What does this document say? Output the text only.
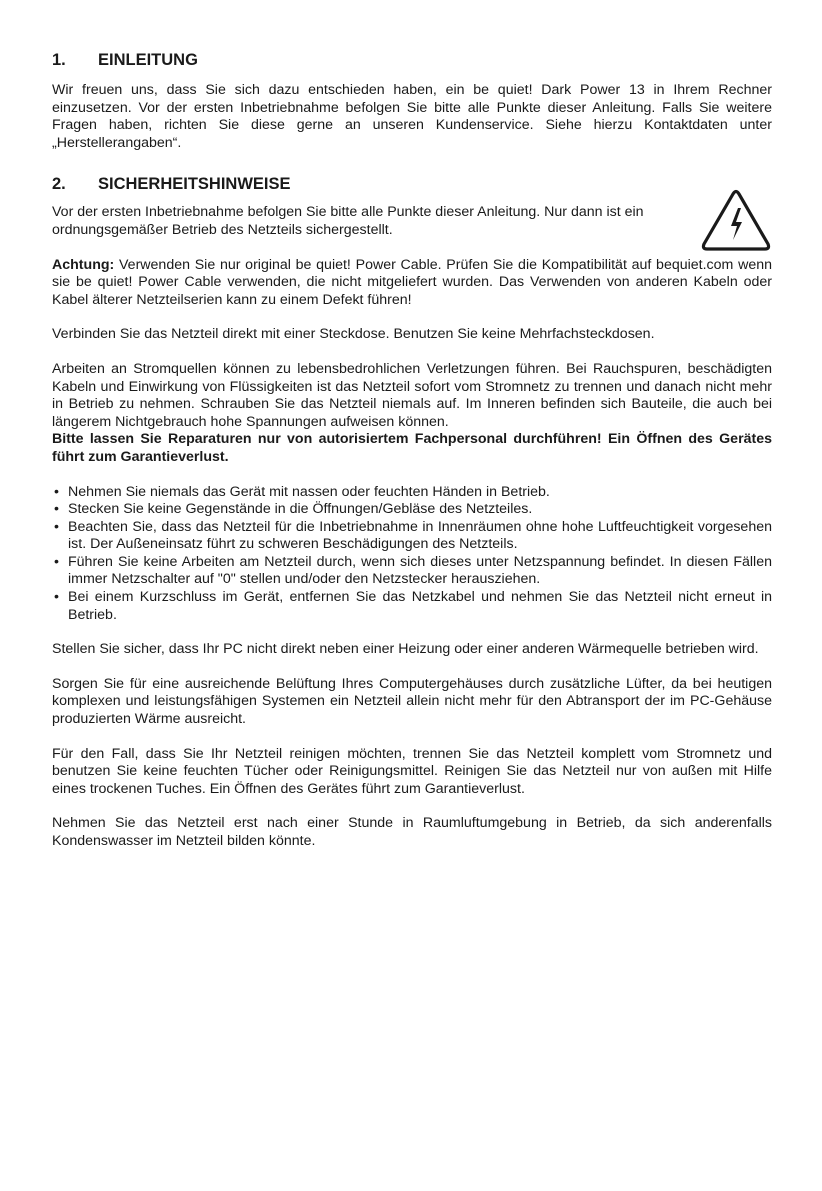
1.	EINLEITUNG

Wir freuen uns, dass Sie sich dazu entschieden haben, ein be quiet! Dark Power 13 in Ihrem Rechner einzusetzen. Vor der ersten Inbetriebnahme befolgen Sie bitte alle Punkte dieser Anleitung. Falls Sie weitere Fragen haben, richten Sie diese gerne an unseren Kundenservice. Siehe hierzu Kontaktdaten unter „Herstellerangaben“.

2.	SICHERHEITSHINWEISE

Vor der ersten Inbetriebnahme befolgen Sie bitte alle Punkte dieser Anleitung. Nur dann ist ein ordnungsgemäßer Betrieb des Netzteils sichergestellt.

Achtung: Verwenden Sie nur original be quiet! Power Cable. Prüfen Sie die Kompatibilität auf bequiet.com wenn sie be quiet! Power Cable verwenden, die nicht mitgeliefert wurden. Das Verwenden von anderen Kabeln oder Kabel älterer Netzteilserien kann zu einem Defekt führen!

Verbinden Sie das Netzteil direkt mit einer Steckdose. Benutzen Sie keine Mehrfachsteckdosen.

Arbeiten an Stromquellen können zu lebensbedrohlichen Verletzungen führen. Bei Rauchspuren, beschädigten Kabeln und Einwirkung von Flüssigkeiten ist das Netzteil sofort vom Stromnetz zu trennen und danach nicht mehr in Betrieb zu nehmen. Schrauben Sie das Netzteil niemals auf. Im Inneren befinden sich Bauteile, die auch bei längerem Nichtgebrauch hohe Spannungen aufweisen können.

Bitte lassen Sie Reparaturen nur von autorisiertem Fachpersonal durchführen! Ein Öffnen des Gerätes führt zum Garantieverlust.

• Nehmen Sie niemals das Gerät mit nassen oder feuchten Händen in Betrieb.
• Stecken Sie keine Gegenstände in die Öffnungen/Gebläse des Netzteiles.
• Beachten Sie, dass das Netzteil für die Inbetriebnahme in Innenräumen ohne hohe Luftfeuchtigkeit vorgesehen ist. Der Außeneinsatz führt zu schweren Beschädigungen des Netzteils.
• Führen Sie keine Arbeiten am Netzteil durch, wenn sich dieses unter Netzspannung befindet. In diesen Fällen    immer Netzschalter auf "0" stellen und/oder den Netzstecker herausziehen.
• Bei einem Kurzschluss im Gerät, entfernen Sie das Netzkabel und nehmen Sie das Netzteil nicht erneut in Betrieb.

Stellen Sie sicher, dass Ihr PC nicht direkt neben einer Heizung oder einer anderen Wärmequelle betrieben wird.

Sorgen Sie für eine ausreichende Belüftung Ihres Computergehäuses durch zusätzliche Lüfter, da bei heutigen komplexen und leistungsfähigen Systemen ein Netzteil allein nicht mehr für den Abtransport der im PC-Gehäuse produzierten Wärme ausreicht.

Für den Fall, dass Sie Ihr Netzteil reinigen möchten, trennen Sie das Netzteil komplett vom Stromnetz und benutzen Sie keine feuchten Tücher oder Reinigungsmittel. Reinigen Sie das Netzteil nur von außen mit Hilfe eines trockenen Tuches. Ein Öffnen des Gerätes führt zum Garantieverlust.

Nehmen Sie das Netzteil erst nach einer Stunde in Raumluftumgebung in Betrieb, da sich anderenfalls Kondenswasser im Netzteil bilden könnte.
